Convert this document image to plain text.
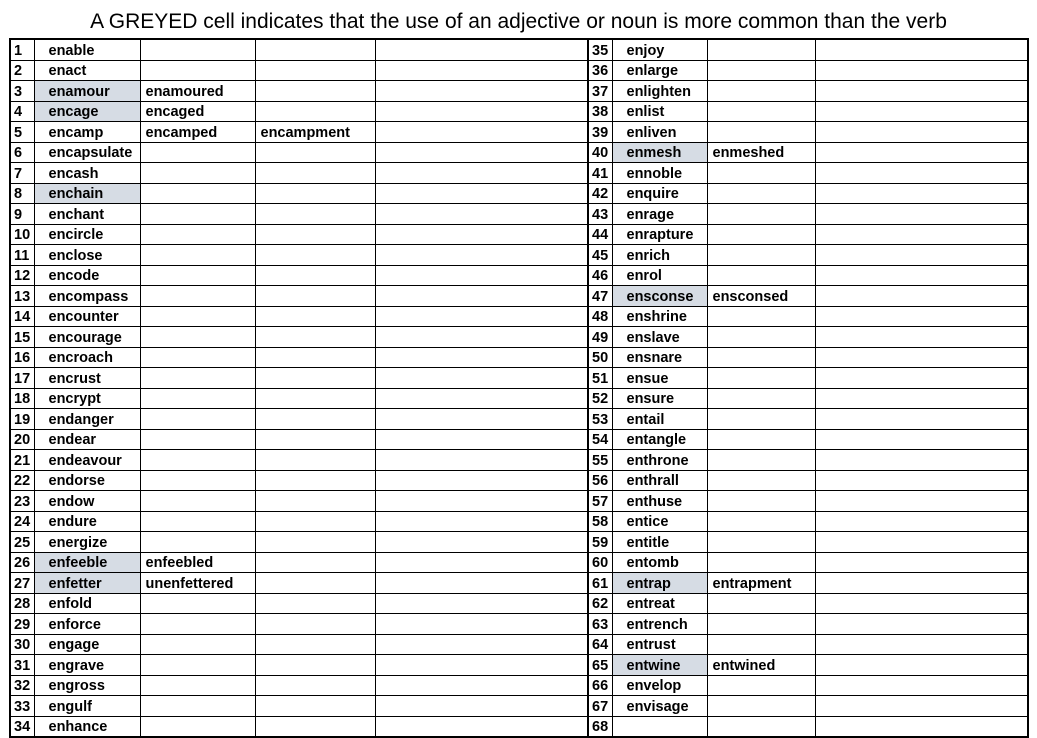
A GREYED cell indicates that the use of an adjective or noun is more common than the verb
1	enable				35	enjoy		
2	enact				36	enlarge		
3	enamour	enamoured			37	enlighten		
4	encage	encaged			38	enlist		
5	encamp	encamped	encampment		39	enliven		
6	encapsulate				40	enmesh	enmeshed	
7	encash				41	ennoble		
8	enchain				42	enquire		
9	enchant				43	enrage		
10	encircle				44	enrapture		
11	enclose				45	enrich		
12	encode				46	enrol		
13	encompass				47	ensconse	ensconsed	
14	encounter				48	enshrine		
15	encourage				49	enslave		
16	encroach				50	ensnare		
17	encrust				51	ensue		
18	encrypt				52	ensure		
19	endanger				53	entail		
20	endear				54	entangle		
21	endeavour				55	enthrone		
22	endorse				56	enthrall		
23	endow				57	enthuse		
24	endure				58	entice		
25	energize				59	entitle		
26	enfeeble	enfeebled			60	entomb		
27	enfetter	unenfettered			61	entrap	entrapment	
28	enfold				62	entreat		
29	enforce				63	entrench		
30	engage				64	entrust		
31	engrave				65	entwine	entwined	
32	engross				66	envelop		
33	engulf				67	envisage		
34	enhance				68			
